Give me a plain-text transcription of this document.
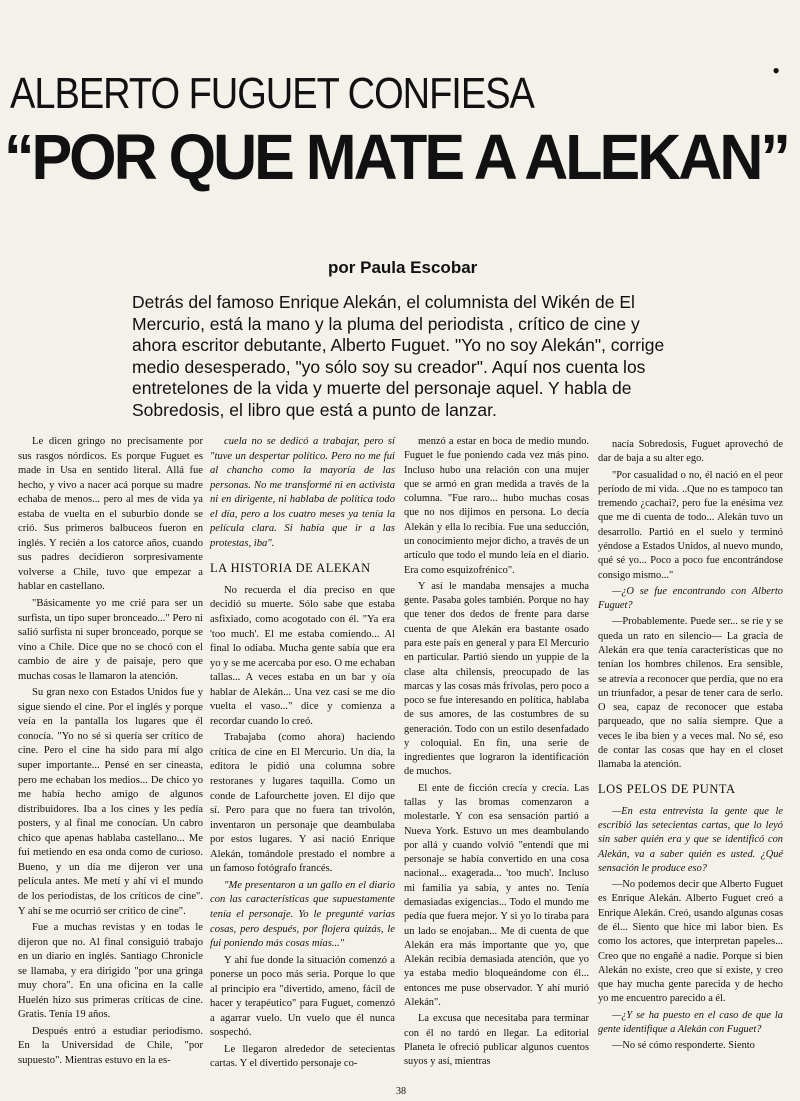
ALBERTO FUGUET CONFIESA	•
“POR QUE MATE A ALEKAN”
por Paula Escobar
Detrás del famoso Enrique Alekán, el columnista del Wikén de El
Mercurio, está la mano y la pluma del periodista , crítico de cine y
ahora escritor debutante, Alberto Fuguet. "Yo no soy Alekán", corrige
medio desesperado, "yo sólo soy su creador". Aquí nos cuenta los
entretelones de la vida y muerte del personaje aquel. Y habla de
Sobredosis, el libro que está a punto de lanzar.

Le dicen gringo no precisamente por sus rasgos nórdicos. Es porque Fuguet es made in Usa en sentido literal. Allá fue hecho, y vivo a nacer acá porque su madre echaba de menos... pero al mes de vida ya estaba de vuelta en el suburbio donde se crió. Sus primeros balbuceos fueron en inglés. Y recién a los catorce años, cuando sus padres decidieron sorpresivamente volverse a Chile, tuvo que empezar a hablar en castellano.

"Básicamente yo me crié para ser un surfista, un tipo super bronceado..." Pero ni salió surfista ni super bronceado, porque se vino a Chile. Dice que no se chocó con el cambio de aire y de paisaje, pero que muchas cosas le llamaron la atención.

Su gran nexo con Estados Unidos fue y sigue siendo el cine. Por el inglés y porque veía en la pantalla los lugares que él conocía. "Yo no sé si quería ser crítico de cine. Pero el cine ha sido para mí algo super importante... Pensé en ser cineasta, pero me echaban los medios... De chico yo me había hecho amigo de algunos distribuidores. Iba a los cines y les pedía posters, y al final me conocían. Un cabro chico que apenas hablaba castellano... Me fui metiendo en esa onda como de curioso. Bueno, y un día me dijeron ver una película antes. Me metí y ahí vi el mundo de los periodistas, de los críticos de cine". Y ahí se me ocurrió ser crítico de cine".

Fue a muchas revistas y en todas le dijeron que no. Al final consiguió trabajo en un diario en inglés. Santiago Chronicle se llamaba, y era dirigido "por una gringa muy chora". En una oficina en la calle Huelén hizo sus primeras críticas de cine. Gratis. Tenía 19 años.

Después entró a estudiar periodismo. En la Universidad de Chile, "por supuesto". Mientras estuvo en la es-

cuela no se dedicó a trabajar, pero sí "tuve un despertar político. Pero no me fui al chancho como la mayoría de las personas. No me transformé ni en activista ni en dirigente, ni hablaba de política todo el día, pero a los cuatro meses ya tenía la película clara. Si había que ir a las protestas, iba".

LA HISTORIA DE ALEKAN

No recuerda el día preciso en que decidió su muerte. Sólo sabe que estaba asfixiado, como acogotado con él. "Ya era 'too much'. El me estaba comiendo... Al final lo odiaba. Mucha gente sabía que era yo y se me acercaba por eso. O me echaban tallas... A veces estaba en un bar y oía hablar de Alekán... Una vez casi se me dio vuelta el vaso..." dice y comienza a recordar cuando lo creó.

Trabajaba (como ahora) haciendo crítica de cine en El Mercurio. Un día, la editora le pidió una columna sobre restoranes y lugares taquilla. Como un conde de Lafourchette joven. El dijo que sí. Pero para que no fuera tan trivolón, inventaron un personaje que deambulaba por estos lugares. Y así nació Enrique Alekán, tomándole prestado el nombre a un famoso fotógrafo francés.

"Me presentaron a un gallo en el diario con las características que supuestamente tenía el personaje. Yo le pregunté varias cosas, pero después, por flojera quizás, le fui poniendo más cosas mías..."

Y ahí fue donde la situación comenzó a ponerse un poco más seria. Porque lo que al principio era "divertido, ameno, fácil de hacer y terapéutico" para Fuguet, comenzó a agarrar vuelo. Un vuelo que él nunca sospechó.

Le llegaron alrededor de setecientas cartas. Y el divertido personaje co-

menzó a estar en boca de medio mundo. Fuguet le fue poniendo cada vez más pino. Incluso hubo una relación con una mujer que se armó en gran medida a través de la columna. "Fue raro... hubo muchas cosas que no nos dijimos en persona. Lo decía Alekán y ella lo recibía. Fue una seducción, un conocimiento mejor dicho, a través de un artículo que todo el mundo leía en el diario. Era como esquizofrénico".

Y así le mandaba mensajes a mucha gente. Pasaba goles también. Porque no hay que tener dos dedos de frente para darse cuenta de que Alekán era bastante osado para este país en general y para El Mercurio en particular. Partió siendo un yuppie de la clase alta chilensis, preocupado de las marcas y las cosas más frívolas, pero poco a poco se fue interesando en política, hablaba de sus amores, de las costumbres de su generación. Todo con un estilo desenfadado y coloquial. En fin, una serie de ingredientes que lograron la identificación de muchos.

El ente de ficción crecía y crecía. Las tallas y las bromas comenzaron a molestarle. Y con esa sensación partió a Nueva York. Estuvo un mes deambulando por allá y cuando volvió "entendí que mi personaje se había convertido en una cosa nacional... exagerada... 'too much'. Incluso mi familia ya sabía, y antes no. Tenía demasiadas exigencias... Todo el mundo me pedía que fuera mejor. Y si yo lo tiraba para un lado se enojaban... Me di cuenta de que Alekán era más importante que yo, que Alekán recibía demasiada atención, que yo ya estaba medio bloqueándome con él... entonces me puse observador. Y ahí murió Alekán".

La excusa que necesitaba para terminar con él no tardó en llegar. La editorial Planeta le ofreció publicar algunos cuentos suyos y así, mientras

nacía Sobredosis, Fuguet aprovechó de dar de baja a su alter ego.

"Por casualidad o no, él nació en el peor período de mi vida. ..Que no es tampoco tan tremendo ¿cachai?, pero fue la enésima vez que me di cuenta de todo... Alekán tuvo un desarrollo. Partió en el suelo y terminó yéndose a Estados Unidos, al nuevo mundo, qué sé yo... Poco a poco fue encontrándose consigo mismo..."

—¿O se fue encontrando con Alberto Fuguet?

—Probablemente. Puede ser... se ríe y se queda un rato en silencio— La gracia de Alekán era que tenía características que no tenían los hombres chilenos. Era sensible, se atrevía a reconocer que perdía, que no era un triunfador, a pesar de tener cara de serlo. O sea, capaz de reconocer que estaba parqueado, que no salía siempre. Que a veces le iba bien y a veces mal. No sé, eso de contar las cosas que hay en el closet llamaba la atención.

LOS PELOS DE PUNTA

—En esta entrevista la gente que le escribió las setecientas cartas, que lo leyó sin saber quién era y que se identificó con Alekán, va a saber quién es usted. ¿Qué sensación le produce eso?

—No podemos decir que Alberto Fuguet es Enrique Alekán. Alberto Fuguet creó a Enrique Alekán. Creó, usando algunas cosas de él... Siento que hice mi labor bien. Es como los actores, que interpretan papeles... Creo que no engañé a nadie. Porque si bien Alekán no existe, creo que sí existe, y creo que hay mucha gente parecida y de hecho yo me encuentro parecido a él.

—¿Y se ha puesto en el caso de que la gente identifique a Alekán con Fuguet?

—No sé cómo responderte. Siento

38
